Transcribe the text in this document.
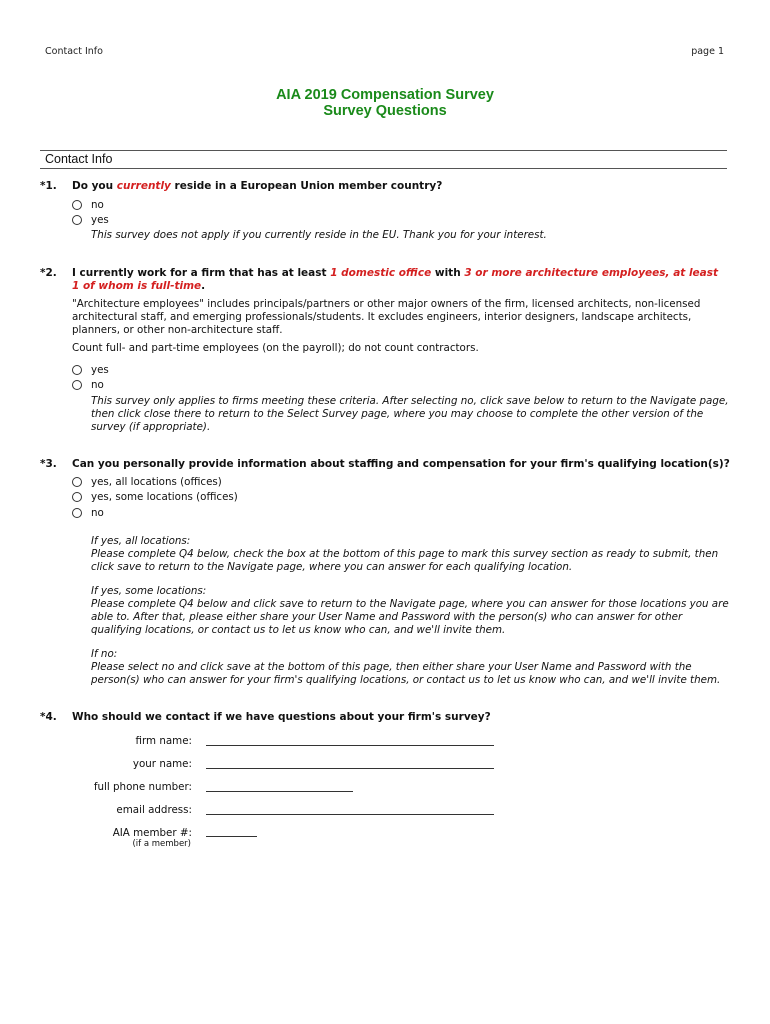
Contact Info	page 1
AIA 2019 Compensation Survey
Survey Questions
Contact Info
*1. Do you currently reside in a European Union member country?
no
yes
This survey does not apply if you currently reside in the EU. Thank you for your interest.
*2. I currently work for a firm that has at least 1 domestic office with 3 or more architecture employees, at least 1 of whom is full-time.
"Architecture employees" includes principals/partners or other major owners of the firm, licensed architects, non-licensed architectural staff, and emerging professionals/students. It excludes engineers, interior designers, landscape architects, planners, or other non-architecture staff.
Count full- and part-time employees (on the payroll); do not count contractors.
yes
no
This survey only applies to firms meeting these criteria. After selecting no, click save below to return to the Navigate page, then click close there to return to the Select Survey page, where you may choose to complete the other version of the survey (if appropriate).
*3. Can you personally provide information about staffing and compensation for your firm's qualifying location(s)?
yes, all locations (offices)
yes, some locations (offices)
no
If yes, all locations:
Please complete Q4 below, check the box at the bottom of this page to mark this survey section as ready to submit, then click save to return to the Navigate page, where you can answer for each qualifying location.
If yes, some locations:
Please complete Q4 below and click save to return to the Navigate page, where you can answer for those locations you are able to. After that, please either share your User Name and Password with the person(s) who can answer for other qualifying locations, or contact us to let us know who can, and we'll invite them.
If no:
Please select no and click save at the bottom of this page, then either share your User Name and Password with the person(s) who can answer for your firm's qualifying locations, or contact us to let us know who can, and we'll invite them.
*4. Who should we contact if we have questions about your firm's survey?
firm name:
your name:
full phone number:
email address:
AIA member #:
(if a member)
